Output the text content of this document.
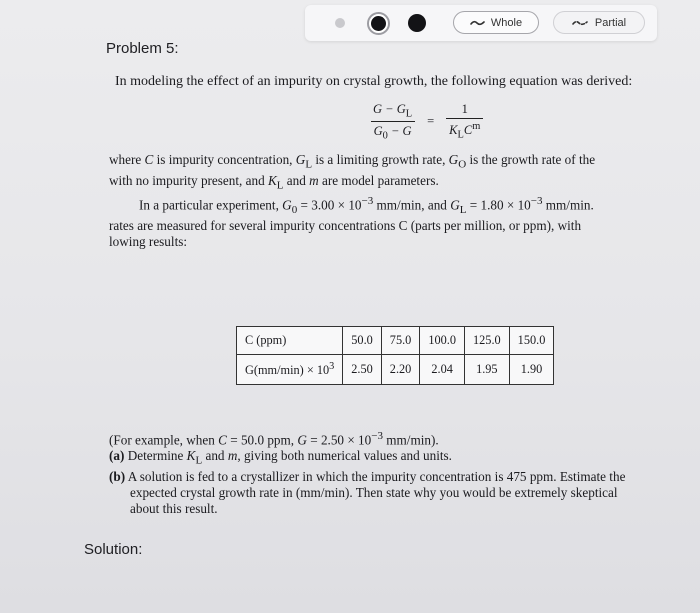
Whole	Partial
Problem 5:
In modeling the effect of an impurity on crystal growth, the following equation was derived:
$\frac{G - G_L}{G_0 - G} = \frac{1}{K_LC^m}$
where C is impurity concentration, $G_L$ is a limiting growth rate, $G_O$ is the growth rate of the
with no impurity present, and $K_L$ and m are model parameters.
In a particular experiment, $G_0 = 3.00 \times 10^{-3}$ mm/min, and $G_L = 1.80 \times 10^{-3}$ mm/min.
rates are measured for several impurity concentrations C (parts per million, or ppm), with
lowing results:
C (ppm)	50.0	75.0	100.0	125.0	150.0
$G(mm/\min) \times 10^3$	2.50	2.20	2.04	1.95	1.90
(For example, when C = 50.0 ppm, $G = 2.50 \times 10^{-3}$ mm/min).
(a) Determine $K_L$ and m, giving both numerical values and units.
(b) A solution is fed to a crystallizer in which the impurity concentration is 475 ppm. Estimate the
expected crystal growth rate in (mm/min). Then state why you would be extremely skeptical
about this result.
Solution:
